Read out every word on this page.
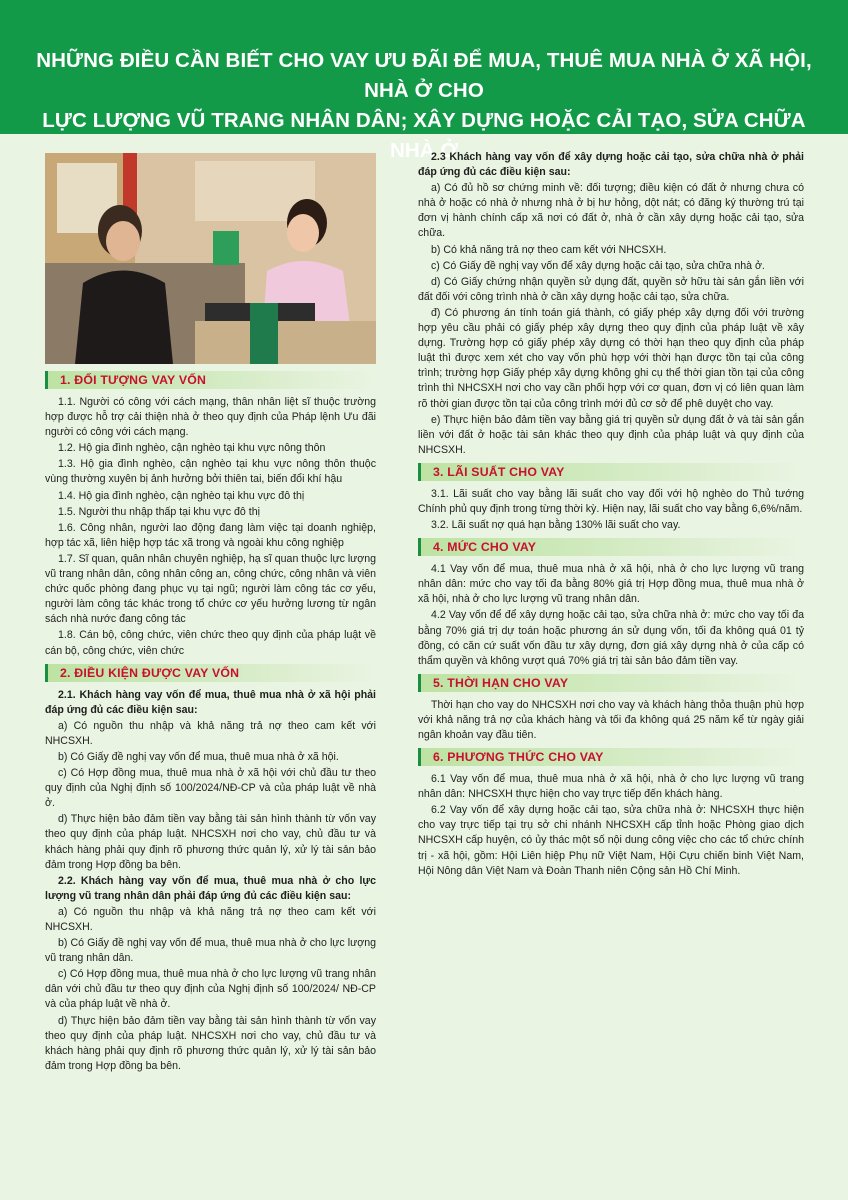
NHỮNG ĐIỀU CẦN BIẾT CHO VAY ƯU ĐÃI ĐỂ MUA, THUÊ MUA NHÀ Ở XÃ HỘI, NHÀ Ở CHO
LỰC LƯỢNG VŨ TRANG NHÂN DÂN; XÂY DỰNG HOẶC CẢI TẠO, SỬA CHỮA NHÀ Ở
1. ĐỐI TƯỢNG VAY VỐN

1.1. Người có công với cách mạng, thân nhân liệt sĩ thuộc trường hợp được hỗ trợ cải thiện nhà ở theo quy định của Pháp lệnh Ưu đãi người có công với cách mạng.

1.2. Hộ gia đình nghèo, cận nghèo tại khu vực nông thôn

1.3. Hộ gia đình nghèo, cận nghèo tại khu vực nông thôn thuộc vùng thường xuyên bị ảnh hưởng bởi thiên tai, biến đổi khí hậu

1.4. Hộ gia đình nghèo, cận nghèo tại khu vực đô thị

1.5. Người thu nhập thấp tại khu vực đô thị

1.6. Công nhân, người lao động đang làm việc tại doanh nghiệp, hợp tác xã, liên hiệp hợp tác xã trong và ngoài khu công nghiệp

1.7. Sĩ quan, quân nhân chuyên nghiệp, hạ sĩ quan thuộc lực lượng vũ trang nhân dân, công nhân công an, công chức, công nhân và viên chức quốc phòng đang phục vụ tại ngũ; người làm công tác cơ yếu, người làm công tác khác trong tổ chức cơ yếu hưởng lương từ ngân sách nhà nước đang công tác

1.8. Cán bộ, công chức, viên chức theo quy định của pháp luật về cán bộ, công chức, viên chức

2. ĐIỀU KIỆN ĐƯỢC VAY VỐN

2.1. Khách hàng vay vốn để mua, thuê mua nhà ở xã hội phải đáp ứng đủ các điều kiện sau:

a) Có nguồn thu nhập và khả năng trả nợ theo cam kết với NHCSXH.

b) Có Giấy đề nghị vay vốn để mua, thuê mua nhà ở xã hội.

c) Có Hợp đồng mua, thuê mua nhà ở xã hội với chủ đầu tư theo quy định của Nghị định số 100/2024/NĐ-CP và của pháp luật về nhà ở.

d) Thực hiện bảo đảm tiền vay bằng tài sản hình thành từ vốn vay theo quy định của pháp luật. NHCSXH nơi cho vay, chủ đầu tư và khách hàng phải quy định rõ phương thức quản lý, xử lý tài sản bảo đảm trong Hợp đồng ba bên.

2.2. Khách hàng vay vốn để mua, thuê mua nhà ở cho lực lượng vũ trang nhân dân phải đáp ứng đủ các điều kiện sau:

a) Có nguồn thu nhập và khả năng trả nợ theo cam kết với NHCSXH.

b) Có Giấy đề nghị vay vốn để mua, thuê mua nhà ở cho lực lượng vũ trang nhân dân.

c) Có Hợp đồng mua, thuê mua nhà ở cho lực lượng vũ trang nhân dân với chủ đầu tư theo quy định của Nghị định số 100/2024/ NĐ-CP và của pháp luật về nhà ở.

d) Thực hiện bảo đảm tiền vay bằng tài sản hình thành từ vốn vay theo quy định của pháp luật. NHCSXH nơi cho vay, chủ đầu tư và khách hàng phải quy định rõ phương thức quản lý, xử lý tài sản bảo đảm trong Hợp đồng ba bên.

2.3 Khách hàng vay vốn để xây dựng hoặc cải tạo, sửa chữa nhà ở phải đáp ứng đủ các điều kiện sau:

a) Có đủ hồ sơ chứng minh về: đối tượng; điều kiện có đất ở nhưng chưa có nhà ở hoặc có nhà ở nhưng nhà ở bị hư hỏng, dột nát; có đăng ký thường trú tại đơn vị hành chính cấp xã nơi có đất ở, nhà ở cần xây dựng hoặc cải tạo, sửa chữa.

b) Có khả năng trả nợ theo cam kết với NHCSXH.

c) Có Giấy đề nghị vay vốn để xây dựng hoặc cải tạo, sửa chữa nhà ở.

d) Có Giấy chứng nhận quyền sử dụng đất, quyền sở hữu tài sản gắn liền với đất đối với công trình nhà ở cần xây dựng hoặc cải tạo, sửa chữa.

đ) Có phương án tính toán giá thành, có giấy phép xây dựng đối với trường hợp yêu cầu phải có giấy phép xây dựng theo quy định của pháp luật về xây dựng. Trường hợp có giấy phép xây dựng có thời hạn theo quy định của pháp luật thì được xem xét cho vay vốn phù hợp với thời hạn được tồn tại của công trình; trường hợp Giấy phép xây dựng không ghi cụ thể thời gian tồn tại của công trình thì NHCSXH nơi cho vay cần phối hợp với cơ quan, đơn vị có liên quan làm rõ thời gian được tồn tại của công trình mới đủ cơ sở để phê duyệt cho vay.

e) Thực hiện bảo đảm tiền vay bằng giá trị quyền sử dụng đất ở và tài sản gắn liền với đất ở hoặc tài sản khác theo quy định của pháp luật và quy định của NHCSXH.

3. LÃI SUẤT CHO VAY

3.1. Lãi suất cho vay bằng lãi suất cho vay đối với hộ nghèo do Thủ tướng Chính phủ quy định trong từng thời kỳ. Hiện nay, lãi suất cho vay bằng 6,6%/năm.

3.2. Lãi suất nợ quá hạn bằng 130% lãi suất cho vay.

4. MỨC CHO VAY

4.1 Vay vốn để mua, thuê mua nhà ở xã hội, nhà ở cho lực lượng vũ trang nhân dân: mức cho vay tối đa bằng 80% giá trị Hợp đồng mua, thuê mua nhà ở xã hội, nhà ở cho lực lượng vũ trang nhân dân.

4.2 Vay vốn để để xây dựng hoặc cải tạo, sửa chữa nhà ở: mức cho vay tối đa bằng 70% giá trị dự toán hoặc phương án sử dụng vốn, tối đa không quá 01 tỷ đồng, có căn cứ suất vốn đầu tư xây dựng, đơn giá xây dựng nhà ở của cấp có thẩm quyền và không vượt quá 70% giá trị tài sản bảo đảm tiền vay.

5. THỜI HẠN CHO VAY

Thời hạn cho vay do NHCSXH nơi cho vay và khách hàng thỏa thuận phù hợp với khả năng trả nợ của khách hàng và tối đa không quá 25 năm kể từ ngày giải ngân khoản vay đầu tiên.

6. PHƯƠNG THỨC CHO VAY

6.1 Vay vốn để mua, thuê mua nhà ở xã hội, nhà ở cho lực lượng vũ trang nhân dân: NHCSXH thực hiện cho vay trực tiếp đến khách hàng.

6.2 Vay vốn để xây dựng hoặc cải tạo, sửa chữa nhà ở: NHCSXH thực hiện cho vay trực tiếp tại trụ sở chi nhánh NHCSXH cấp tỉnh hoặc Phòng giao dịch NHCSXH cấp huyện, có ủy thác một số nội dung công việc cho các tổ chức chính trị - xã hội, gồm: Hội Liên hiệp Phụ nữ Việt Nam, Hội Cựu chiến binh Việt Nam, Hội Nông dân Việt Nam và Đoàn Thanh niên Cộng sản Hồ Chí Minh.
